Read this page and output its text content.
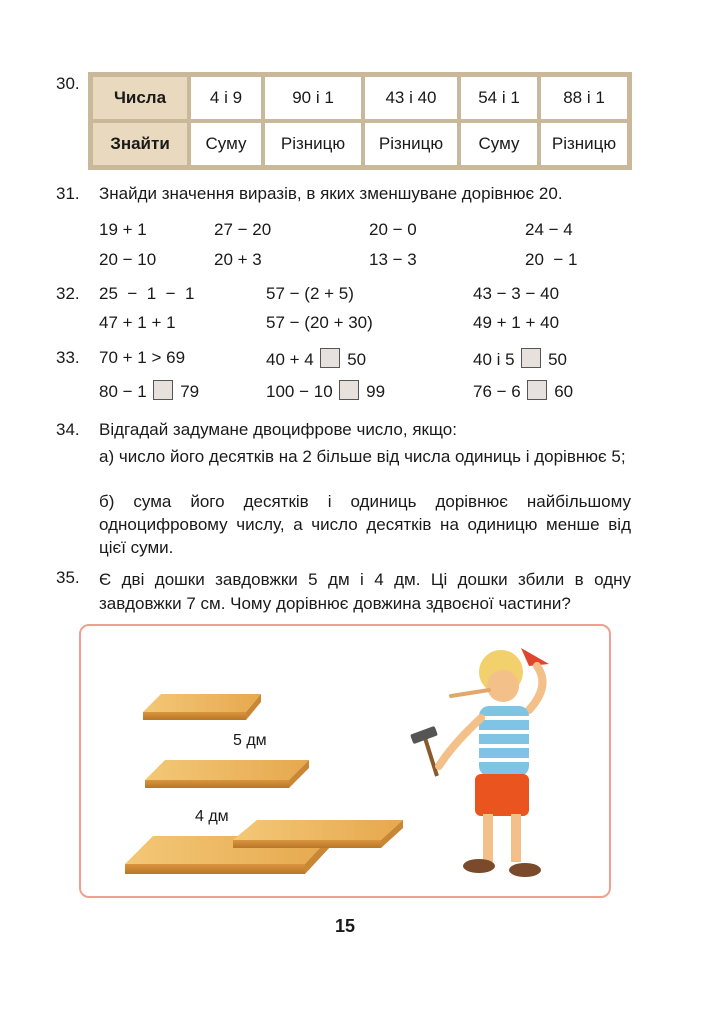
30.
Числа	4 і 9	90 і 1	43 і 40	54 і 1	88 і 1
Знайти	Суму	Різницю	Різницю	Суму	Різницю
31. Знайди значення виразів, в яких зменшуване дорівнює 20.
19 + 1	27 − 20	20 − 0	24 − 4
20 − 10	20 + 3	13 − 3	20  − 1
32. 25  −  1  −  1	57 − (2 + 5)	43 − 3 − 40
47 + 1 + 1	57 − (20 + 30)	49 + 1 + 40
33. 70 + 1 > 69	40 + 4 50	40 і 5 50
80 − 1 79	100 − 10 99	76 − 6 60
34. Відгадай задумане двоцифрове число, якщо:
а) число його десятків на 2 більше від числа одиниць і дорівнює 5;
б) сума його десятків і одиниць дорівнює найбільшому одноцифровому числу, а число десятків на одиницю менше від цієї суми.
35. Є дві дошки завдовжки 5 дм і 4 дм. Ці дошки збили в одну завдовжки 7 см. Чому дорівнює довжина здвоєної частини?
5 дм
4 дм
15
